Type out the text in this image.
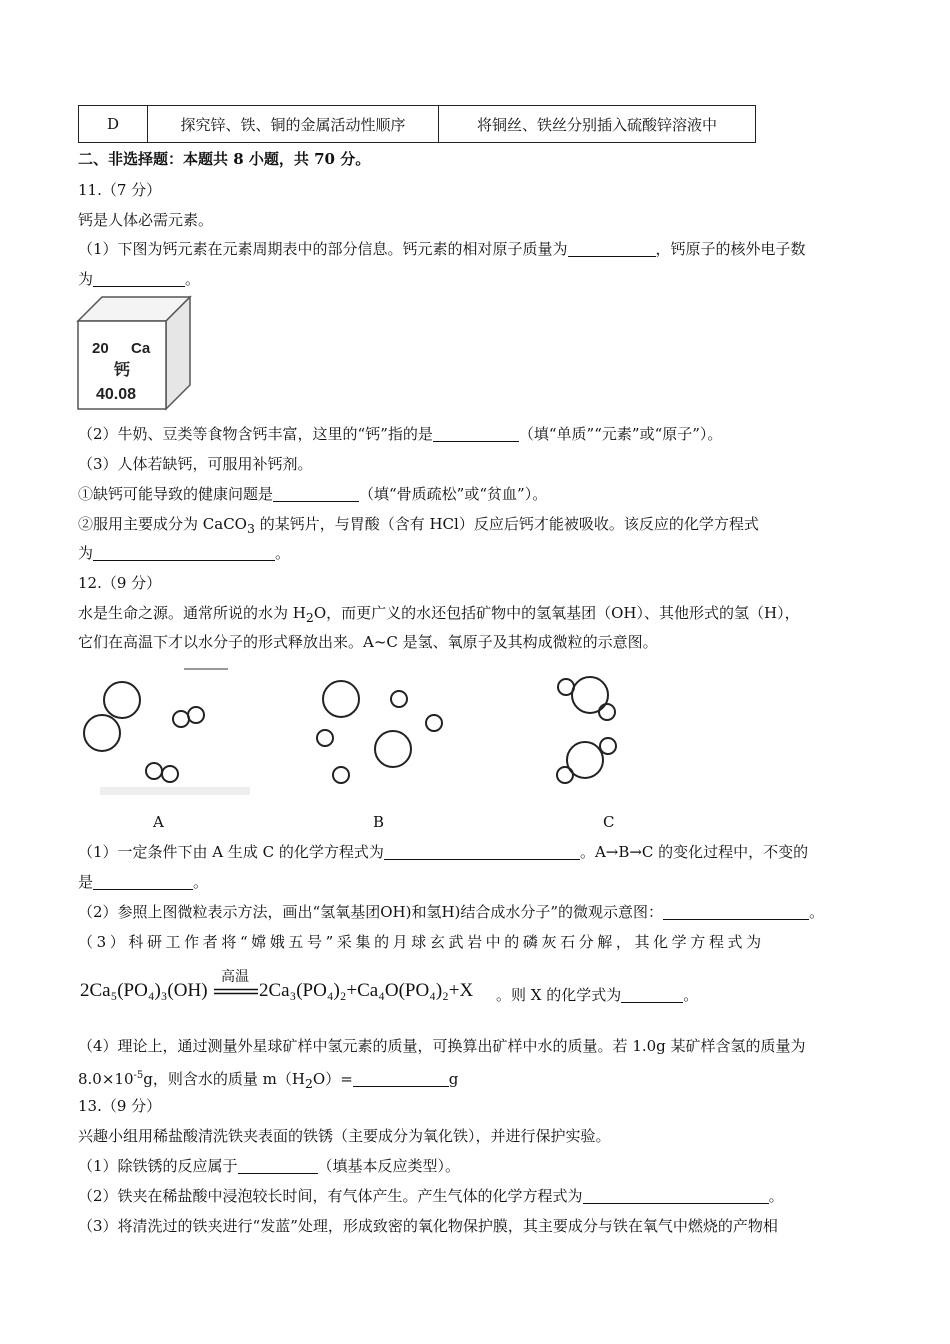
D	探究锌、铁、铜的金属活动性顺序	将铜丝、铁丝分别插入硫酸锌溶液中
二、非选择题：本题共 8 小题，共 70 分。
11.（7 分）
钙是人体必需元素。
（1）下图为钙元素在元素周期表中的部分信息。钙元素的相对原子质量为	，钙原子的核外电子数
为	。
20 Ca
钙
40.08
（2）牛奶、豆类等食物含钙丰富，这里的“钙”指的是	（填“单质”“元素”或“原子”）。
（3）人体若缺钙，可服用补钙剂。
①缺钙可能导致的健康问题是	（填“骨质疏松”或“贫血”）。
②服用主要成分为 CaCO$_3$ 的某钙片，与胃酸（含有 HCl）反应后钙才能被吸收。该反应的化学方程式
为	。
12.（9 分）
水是生命之源。通常所说的水为 $H_2O$，而更广义的水还包括矿物中的氢氧基团（OH）、其他形式的氢（H），
它们在高温下才以水分子的形式释放出来。A~C 是氢、氧原子及其构成微粒的示意图。
A	B	C
（1）一定条件下由 A 生成 C 的化学方程式为	。A→B→C 的变化过程中，不变的
是	。
（2）参照上图微粒表示方法，画出“氢氧基团OH)和氢H)结合成水分子”的微观示意图：	。
（3）科研工作者将“嫦娥五号”采集的月球玄武岩中的磷灰石分解，其化学方程式为
高温
2Ca₅(PO₄)₃(OH)	2Ca₃(PO₄)₂+Ca₄O(PO₄)₂+X 。则 X 的化学式为	。
（4）理论上，通过测量外星球矿样中氢元素的质量，可换算出矿样中水的质量。若 1.0g 某矿样含氢的质量为
$8.0\times 10^{-5}g$，则含水的质量 $m(H_2O)=$	g
13.（9 分）
兴趣小组用稀盐酸清洗铁夹表面的铁锈（主要成分为氧化铁），并进行保护实验。
（1）除铁锈的反应属于	（填基本反应类型）。
（2）铁夹在稀盐酸中浸泡较长时间，有气体产生。产生气体的化学方程式为	。
（3）将清洗过的铁夹进行“发蓝”处理，形成致密的氧化物保护膜，其主要成分与铁在氧气中燃烧的产物相
